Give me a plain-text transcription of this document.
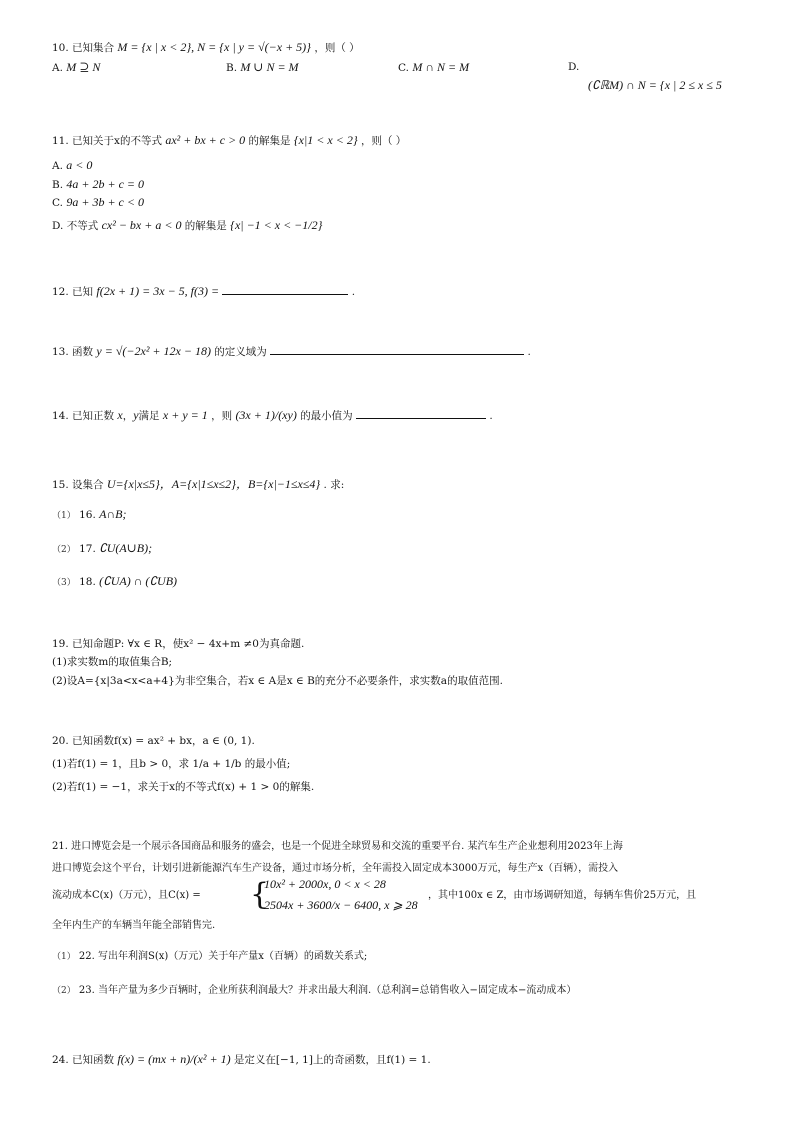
10. 已知集合 M = {x | x < 2}, N = {x | y = √(−x + 5)} ，则（ ）
A. M ⊇ N	B. M ∪ N = M	C. M ∩ N = M	D.
(∁ℝM) ∩ N = {x | 2 ≤ x ≤ 5
11. 已知关于x的不等式 ax² + bx + c > 0 的解集是 {x|1 < x < 2} ，则（ ）
A. a < 0
B. 4a + 2b + c = 0
C. 9a + 3b + c < 0
D. 不等式 cx² − bx + a < 0 的解集是 {x| −1 < x < −1/2}
12. 已知 f(2x + 1) = 3x − 5, f(3) =	.
13. 函数 y = √(−2x² + 12x − 18) 的定义域为	.
14. 已知正数 x，y满足 x + y = 1 ，则 (3x + 1)/(xy) 的最小值为	.
15. 设集合 U={x|x≤5}，A={x|1≤x≤2}，B={x|−1≤x≤4} . 求:
（1） 16. A∩B;
（2） 17. ∁U(A∪B);
（3） 18. (∁UA) ∩ (∁UB)
19. 已知命题P: ∀x ∈ R，使x² − 4x+m ≠0为真命题.
(1)求实数m的取值集合B;
(2)设A={x|3a<x<a+4}为非空集合，若x ∈ A是x ∈ B的充分不必要条件，求实数a的取值范围.
20. 已知函数f(x) = ax² + bx，a ∈ (0, 1).
(1)若f(1) = 1，且b > 0，求 1/a + 1/b 的最小值;
(2)若f(1) = −1，求关于x的不等式f(x) + 1 > 0的解集.
21. 进口博览会是一个展示各国商品和服务的盛会，也是一个促进全球贸易和交流的重要平台. 某汽车生产企业想利用2023年上海
进口博览会这个平台，计划引进新能源汽车生产设备，通过市场分析，全年需投入固定成本3000万元，每生产x（百辆），需投入
流动成本C(x)（万元），且C(x) = {
10x² + 2000x, 0 < x < 28
2504x + 3600/x − 6400, x ⩾ 28
，其中100x ∈ Z，由市场调研知道，每辆车售价25万元，且
全年内生产的车辆当年能全部销售完.
（1） 22. 写出年利润S(x)（万元）关于年产量x（百辆）的函数关系式;
（2） 23. 当年产量为多少百辆时，企业所获利润最大？并求出最大利润.（总利润=总销售收入−固定成本−流动成本）
24. 已知函数 f(x) = (mx + n)/(x² + 1) 是定义在[−1, 1]上的奇函数，且f(1) = 1.
